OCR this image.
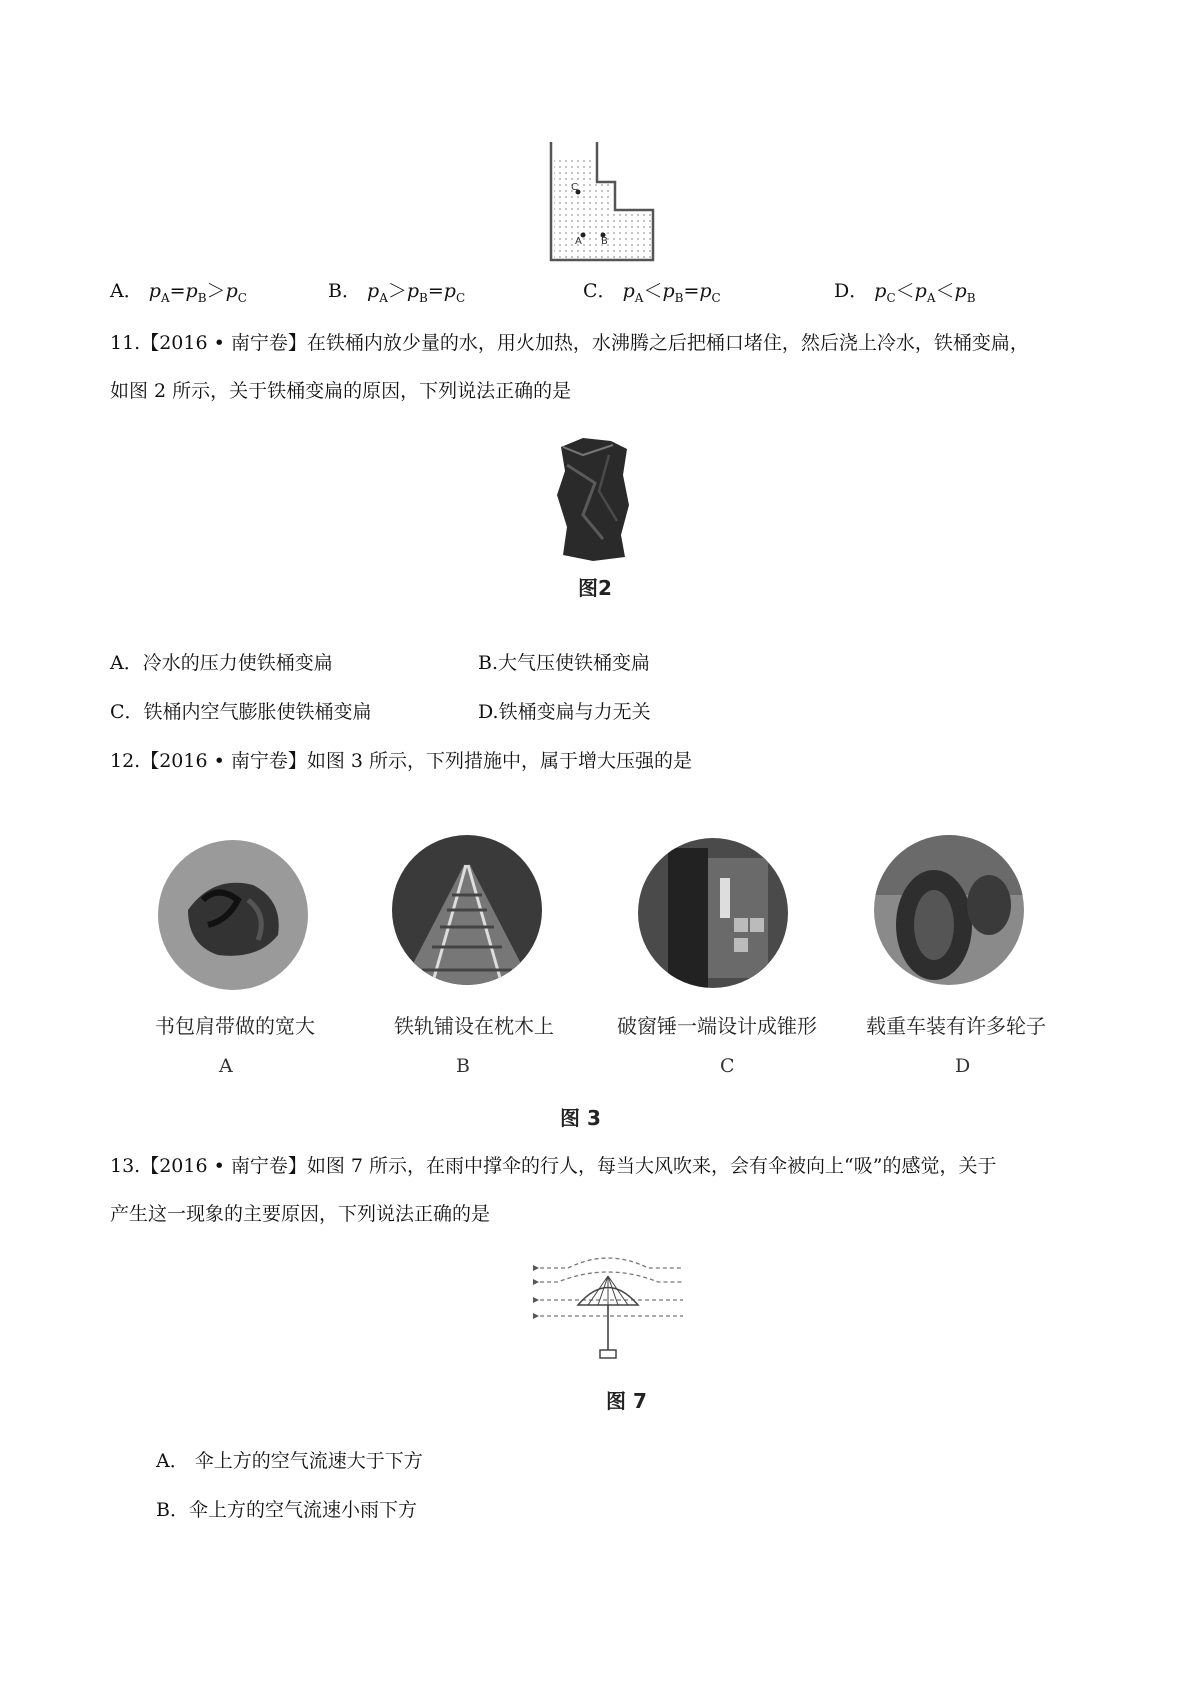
C
A B
A． $p_A=p_B>p_C$	B． $p_A>p_B=p_C$	C． $p_A<p_B=p_C$	D． $p_C<p_A<p_B$
11.【2016 • 南宁卷】在铁桶内放少量的水，用火加热，水沸腾之后把桶口堵住，然后浇上冷水，铁桶变扁，
如图 2 所示，关于铁桶变扁的原因，下列说法正确的是
图2
A．冷水的压力使铁桶变扁	B.大气压使铁桶变扁
C．铁桶内空气膨胀使铁桶变扁	D.铁桶变扁与力无关
12.【2016 • 南宁卷】如图 3 所示，下列措施中，属于增大压强的是
书包肩带做的宽大	铁轨铺设在枕木上	破窗锤一端设计成锥形 载重车装有许多轮子
A	B	C	D
图 3
13.【2016 • 南宁卷】如图 7 所示，在雨中撑伞的行人，每当大风吹来，会有伞被向上“吸”的感觉，关于
产生这一现象的主要原因，下列说法正确的是
图 7
A． 伞上方的空气流速大于下方
B．伞上方的空气流速小雨下方
